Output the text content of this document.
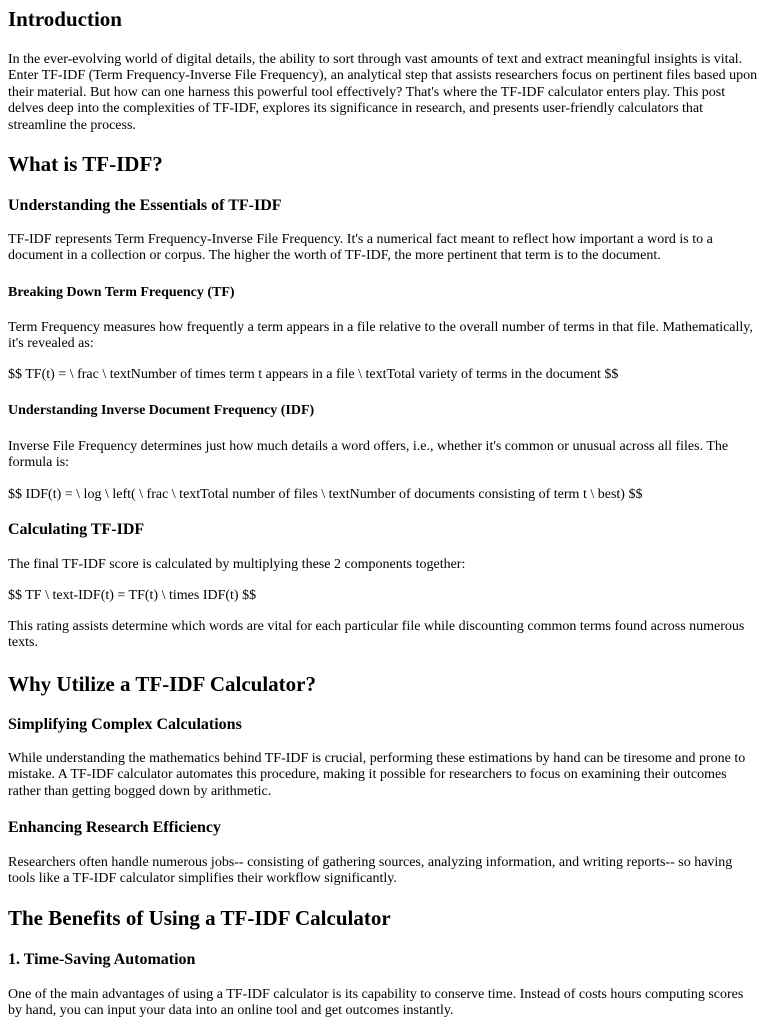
Introduction

In the ever-evolving world of digital details, the ability to sort through vast amounts of text and extract meaningful insights is vital. Enter TF-IDF (Term Frequency-Inverse File Frequency), an analytical step that assists researchers focus on pertinent files based upon their material. But how can one harness this powerful tool effectively? That's where the TF-IDF calculator enters play. This post delves deep into the complexities of TF-IDF, explores its significance in research, and presents user-friendly calculators that streamline the process.

What is TF-IDF?
Understanding the Essentials of TF-IDF

TF-IDF represents Term Frequency-Inverse File Frequency. It's a numerical fact meant to reflect how important a word is to a document in a collection or corpus. The higher the worth of TF-IDF, the more pertinent that term is to the document.

Breaking Down Term Frequency (TF)

Term Frequency measures how frequently a term appears in a file relative to the overall number of terms in that file. Mathematically, it's revealed as:

$$ TF(t) = \ frac \ textNumber of times term t appears in a file \ textTotal variety of terms in the document $$

Understanding Inverse Document Frequency (IDF)

Inverse File Frequency determines just how much details a word offers, i.e., whether it's common or unusual across all files. The formula is:

$$ IDF(t) = \ log \ left( \ frac \ textTotal number of files \ textNumber of documents consisting of term t \ best) $$

Calculating TF-IDF

The final TF-IDF score is calculated by multiplying these 2 components together:

$$ TF \ text-IDF(t) = TF(t) \ times IDF(t) $$

This rating assists determine which words are vital for each particular file while discounting common terms found across numerous texts.

Why Utilize a TF-IDF Calculator?
Simplifying Complex Calculations

While understanding the mathematics behind TF-IDF is crucial, performing these estimations by hand can be tiresome and prone to mistake. A TF-IDF calculator automates this procedure, making it possible for researchers to focus on examining their outcomes rather than getting bogged down by arithmetic.

Enhancing Research Efficiency

Researchers often handle numerous jobs-- consisting of gathering sources, analyzing information, and writing reports-- so having tools like a TF-IDF calculator simplifies their workflow significantly.

The Benefits of Using a TF-IDF Calculator
1. Time-Saving Automation

One of the main advantages of using a TF-IDF calculator is its capability to conserve time. Instead of costs hours computing scores by hand, you can input your data into an online tool and get outcomes instantly.
